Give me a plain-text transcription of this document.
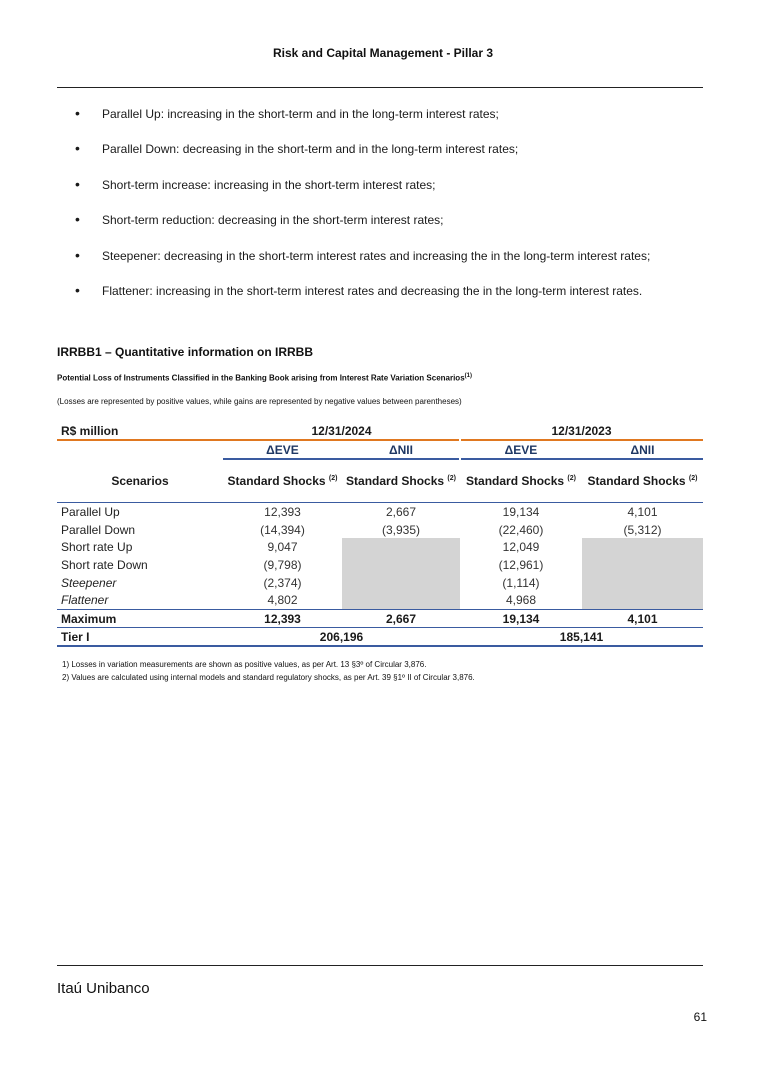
Risk and Capital Management - Pillar 3
• Parallel Up: increasing in the short-term and in the long-term interest rates;
• Parallel Down: decreasing in the short-term and in the long-term interest rates;
• Short-term increase: increasing in the short-term interest rates;
• Short-term reduction: decreasing in the short-term interest rates;
• Steepener: decreasing in the short-term interest rates and increasing the in the long-term interest rates;
• Flattener: increasing in the short-term interest rates and decreasing the in the long-term interest rates.
IRRBB1 – Quantitative information on IRRBB
Potential Loss of Instruments Classified in the Banking Book arising from Interest Rate Variation Scenarios$^{(1)}$
(Losses are represented by positive values, while gains are represented by negative values between parentheses)
R$ million	12/31/2024		12/31/2023	

	ΔEVE	ΔNII	ΔEVE	ΔNII

Scenarios	Standard Shocks $^{(2)}$	Standard Shocks $^{(2)}$	Standard Shocks $^{(2)}$	Standard Shocks $^{(2)}$

Parallel Up	12,393	2,667	19,134	4,101
Parallel Down	(14,394)	(3,935)	(22,460)	(5,312)
Short rate Up	9,047		12,049	
Short rate Down	(9,798)		(12,961)	
Steepener	(2,374)		(1,114)	
Flattener	4,802		4,968	
Maximum	12,393	2,667	19,134	4,101
Tier I	206,196		185,141	
1) Losses in variation measurements are shown as positive values, as per Art. 13 §3º of Circular 3,876.
2) Values are calculated using internal models and standard regulatory shocks, as per Art. 39 §1º II of Circular 3,876.
Itaú Unibanco
61
